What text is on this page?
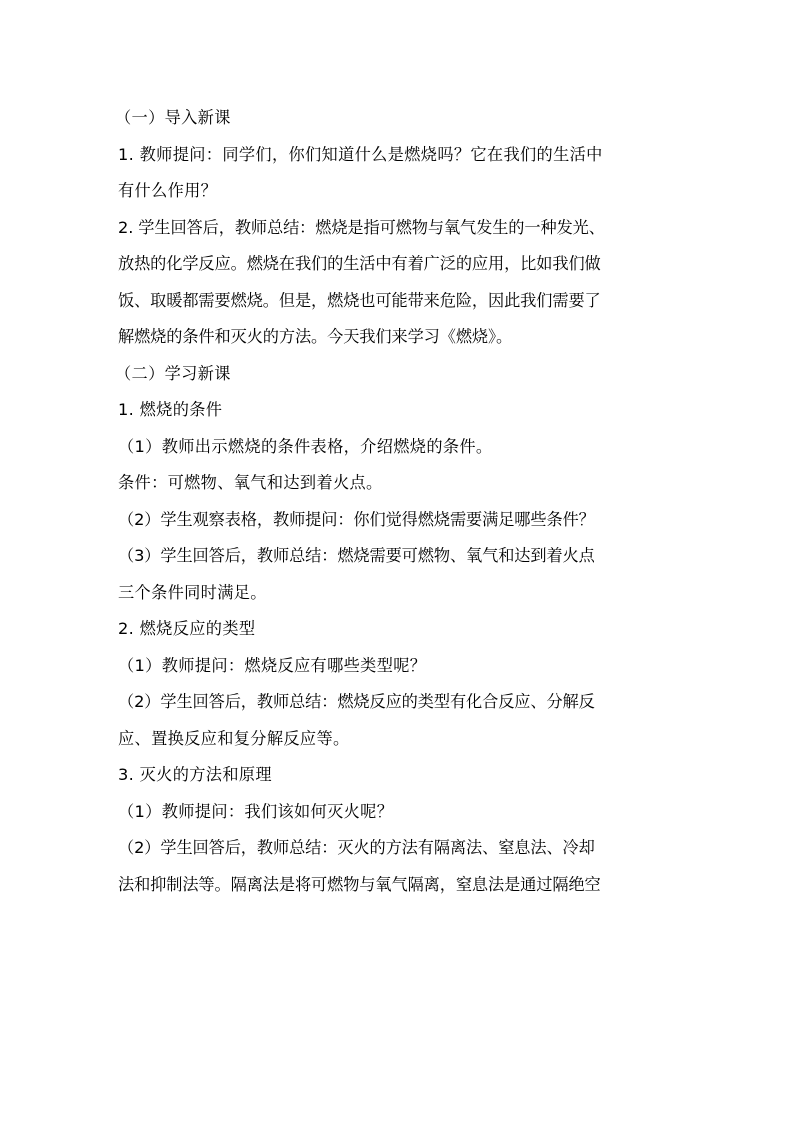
（一）导入新课
1. 教师提问：同学们，你们知道什么是燃烧吗？它在我们的生活中
有什么作用？
2. 学生回答后，教师总结：燃烧是指可燃物与氧气发生的一种发光、
放热的化学反应。燃烧在我们的生活中有着广泛的应用，比如我们做
饭、取暖都需要燃烧。但是，燃烧也可能带来危险，因此我们需要了
解燃烧的条件和灭火的方法。今天我们来学习《燃烧》。
（二）学习新课
1. 燃烧的条件
（1）教师出示燃烧的条件表格，介绍燃烧的条件。
条件：可燃物、氧气和达到着火点。
（2）学生观察表格，教师提问：你们觉得燃烧需要满足哪些条件？
（3）学生回答后，教师总结：燃烧需要可燃物、氧气和达到着火点
三个条件同时满足。
2. 燃烧反应的类型
（1）教师提问：燃烧反应有哪些类型呢？
（2）学生回答后，教师总结：燃烧反应的类型有化合反应、分解反
应、置换反应和复分解反应等。
3. 灭火的方法和原理
（1）教师提问：我们该如何灭火呢？
（2）学生回答后，教师总结：灭火的方法有隔离法、窒息法、冷却
法和抑制法等。隔离法是将可燃物与氧气隔离，窒息法是通过隔绝空
